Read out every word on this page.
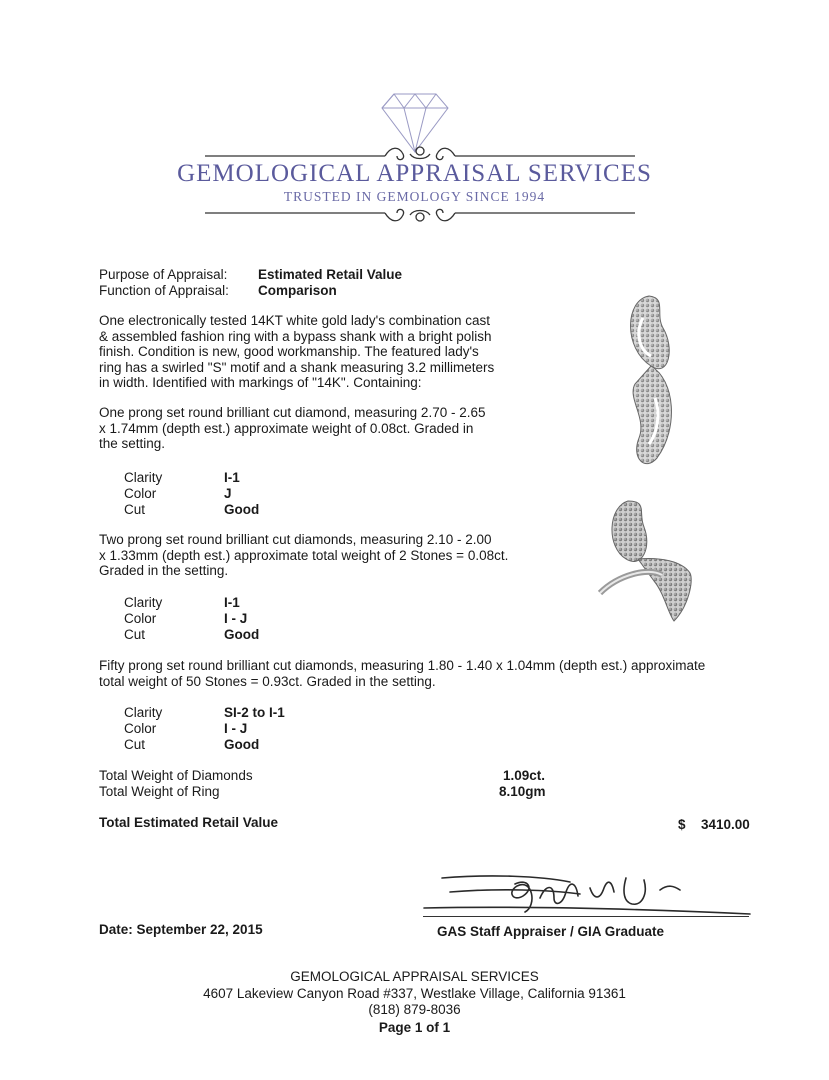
GEMOLOGICAL APPRAISAL SERVICES
TRUSTED IN GEMOLOGY SINCE 1994
Purpose of Appraisal: Estimated Retail Value
Function of Appraisal: Comparison
One electronically tested 14KT white gold lady's combination cast
& assembled fashion ring with a bypass shank with a bright polish
finish. Condition is new, good workmanship. The featured lady's
ring has a swirled "S" motif and a shank measuring 3.2 millimeters
in width. Identified with markings of "14K". Containing:
One prong set round brilliant cut diamond, measuring 2.70 - 2.65
x 1.74mm (depth est.) approximate weight of 0.08ct. Graded in
the setting.
Clarity	I-1
Color	J
Cut	Good
Two prong set round brilliant cut diamonds, measuring 2.10 - 2.00
x 1.33mm (depth est.) approximate total weight of 2 Stones = 0.08ct.
Graded in the setting.
Clarity	I-1
Color	I - J
Cut	Good
Fifty prong set round brilliant cut diamonds, measuring 1.80 - 1.40 x 1.04mm (depth est.) approximate
total weight of 50 Stones = 0.93ct. Graded in the setting.
Clarity	SI-2 to I-1
Color	I - J
Cut	Good
Total Weight of Diamonds	1.09ct.
Total Weight of Ring	8.10gm
Total Estimated Retail Value	$ 3410.00
Date: September 22, 2015	GAS Staff Appraiser / GIA Graduate
GEMOLOGICAL APPRAISAL SERVICES
4607 Lakeview Canyon Road #337, Westlake Village, California 91361
(818) 879-8036
Page 1 of 1
